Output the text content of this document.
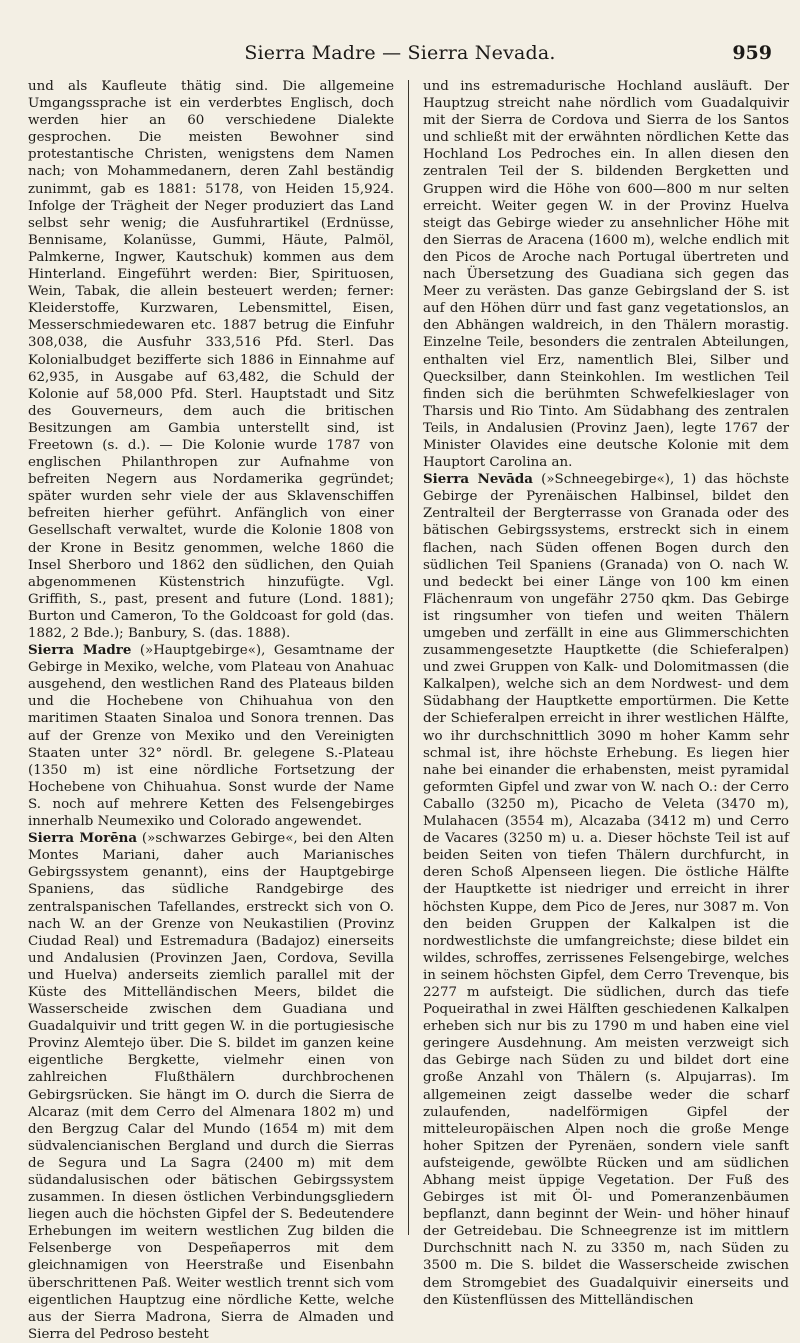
Sierra Madre — Sierra Nevada.	959

und als Kaufleute thätig sind. Die allgemeine Umgangssprache ist ein verderbtes Englisch, doch werden hier an 60 verschiedene Dialekte gesprochen. Die meisten Bewohner sind protestantische Christen, wenigstens dem Namen nach; von Mohammedanern, deren Zahl beständig zunimmt, gab es 1881: 5178, von Heiden 15,924. Infolge der Trägheit der Neger produziert das Land selbst sehr wenig; die Ausfuhrartikel (Erdnüsse, Bennisame, Kolanüsse, Gummi, Häute, Palmöl, Palmkerne, Ingwer, Kautschuk) kommen aus dem Hinterland. Eingeführt werden: Bier, Spirituosen, Wein, Tabak, die allein besteuert werden; ferner: Kleiderstoffe, Kurzwaren, Lebensmittel, Eisen, Messerschmiedewaren etc. 1887 betrug die Einfuhr 308,038, die Ausfuhr 333,516 Pfd. Sterl. Das Kolonialbudget bezifferte sich 1886 in Einnahme auf 62,935, in Ausgabe auf 63,482, die Schuld der Kolonie auf 58,000 Pfd. Sterl. Hauptstadt und Sitz des Gouverneurs, dem auch die britischen Besitzungen am Gambia unterstellt sind, ist Freetown (s. d.). — Die Kolonie wurde 1787 von englischen Philanthropen zur Aufnahme von befreiten Negern aus Nordamerika gegründet; später wurden sehr viele der aus Sklavenschiffen befreiten hierher geführt. Anfänglich von einer Gesellschaft verwaltet, wurde die Kolonie 1808 von der Krone in Besitz genommen, welche 1860 die Insel Sherboro und 1862 den südlichen, den Quiah abgenommenen Küstenstrich hinzufügte. Vgl. Griffith, S., past, present and future (Lond. 1881); Burton und Cameron, To the Goldcoast for gold (das. 1882, 2 Bde.); Banbury, S. (das. 1888).

Sierra Madre (»Hauptgebirge«), Gesamtname der Gebirge in Mexiko, welche, vom Plateau von Anahuac ausgehend, den westlichen Rand des Plateaus bilden und die Hochebene von Chihuahua von den maritimen Staaten Sinaloa und Sonora trennen. Das auf der Grenze von Mexiko und den Vereinigten Staaten unter 32° nördl. Br. gelegene S.-Plateau (1350 m) ist eine nördliche Fortsetzung der Hochebene von Chihuahua. Sonst wurde der Name S. noch auf mehrere Ketten des Felsengebirges innerhalb Neumexiko und Colorado angewendet.

Sierra Morēna (»schwarzes Gebirge«, bei den Alten Montes Mariani, daher auch Marianisches Gebirgssystem genannt), eins der Hauptgebirge Spaniens, das südliche Randgebirge des zentralspanischen Tafellandes, erstreckt sich von O. nach W. an der Grenze von Neukastilien (Provinz Ciudad Real) und Estremadura (Badajoz) einerseits und Andalusien (Provinzen Jaen, Cordova, Sevilla und Huelva) anderseits ziemlich parallel mit der Küste des Mittelländischen Meers, bildet die Wasserscheide zwischen dem Guadiana und Guadalquivir und tritt gegen W. in die portugiesische Provinz Alemtejo über. Die S. bildet im ganzen keine eigentliche Bergkette, vielmehr einen von zahlreichen Flußthälern durchbrochenen Gebirgsrücken. Sie hängt im O. durch die Sierra de Alcaraz (mit dem Cerro del Almenara 1802 m) und den Bergzug Calar del Mundo (1654 m) mit dem südvalencianischen Bergland und durch die Sierras de Segura und La Sagra (2400 m) mit dem südandalusischen oder bätischen Gebirgssystem zusammen. In diesen östlichen Verbindungsgliedern liegen auch die höchsten Gipfel der S. Bedeutendere Erhebungen im weitern westlichen Zug bilden die Felsenberge von Despeñaperros mit dem gleichnamigen von Heerstraße und Eisenbahn überschrittenen Paß. Weiter westlich trennt sich vom eigentlichen Hauptzug eine nördliche Kette, welche aus der Sierra Madrona, Sierra de Almaden und Sierra del Pedroso besteht

und ins estremadurische Hochland ausläuft. Der Hauptzug streicht nahe nördlich vom Guadalquivir mit der Sierra de Cordova und Sierra de los Santos und schließt mit der erwähnten nördlichen Kette das Hochland Los Pedroches ein. In allen diesen den zentralen Teil der S. bildenden Bergketten und Gruppen wird die Höhe von 600—800 m nur selten erreicht. Weiter gegen W. in der Provinz Huelva steigt das Gebirge wieder zu ansehnlicher Höhe mit den Sierras de Aracena (1600 m), welche endlich mit den Picos de Aroche nach Portugal übertreten und nach Übersetzung des Guadiana sich gegen das Meer zu verästen. Das ganze Gebirgsland der S. ist auf den Höhen dürr und fast ganz vegetationslos, an den Abhängen waldreich, in den Thälern morastig. Einzelne Teile, besonders die zentralen Abteilungen, enthalten viel Erz, namentlich Blei, Silber und Quecksilber, dann Steinkohlen. Im westlichen Teil finden sich die berühmten Schwefelkieslager von Tharsis und Rio Tinto. Am Südabhang des zentralen Teils, in Andalusien (Provinz Jaen), legte 1767 der Minister Olavides eine deutsche Kolonie mit dem Hauptort Carolina an.

Sierra Nevāda (»Schneegebirge«), 1) das höchste Gebirge der Pyrenäischen Halbinsel, bildet den Zentralteil der Bergterrasse von Granada oder des bätischen Gebirgssystems, erstreckt sich in einem flachen, nach Süden offenen Bogen durch den südlichen Teil Spaniens (Granada) von O. nach W. und bedeckt bei einer Länge von 100 km einen Flächenraum von ungefähr 2750 qkm. Das Gebirge ist ringsumher von tiefen und weiten Thälern umgeben und zerfällt in eine aus Glimmerschichten zusammengesetzte Hauptkette (die Schieferalpen) und zwei Gruppen von Kalk- und Dolomitmassen (die Kalkalpen), welche sich an dem Nordwest- und dem Südabhang der Hauptkette emportürmen. Die Kette der Schieferalpen erreicht in ihrer westlichen Hälfte, wo ihr durchschnittlich 3090 m hoher Kamm sehr schmal ist, ihre höchste Erhebung. Es liegen hier nahe bei einander die erhabensten, meist pyramidal geformten Gipfel und zwar von W. nach O.: der Cerro Caballo (3250 m), Picacho de Veleta (3470 m), Mulahacen (3554 m), Alcazaba (3412 m) und Cerro de Vacares (3250 m) u. a. Dieser höchste Teil ist auf beiden Seiten von tiefen Thälern durchfurcht, in deren Schoß Alpenseen liegen. Die östliche Hälfte der Hauptkette ist niedriger und erreicht in ihrer höchsten Kuppe, dem Pico de Jeres, nur 3087 m. Von den beiden Gruppen der Kalkalpen ist die nordwestlichste die umfangreichste; diese bildet ein wildes, schroffes, zerrissenes Felsengebirge, welches in seinem höchsten Gipfel, dem Cerro Trevenque, bis 2277 m aufsteigt. Die südlichen, durch das tiefe Poqueirathal in zwei Hälften geschiedenen Kalkalpen erheben sich nur bis zu 1790 m und haben eine viel geringere Ausdehnung. Am meisten verzweigt sich das Gebirge nach Süden zu und bildet dort eine große Anzahl von Thälern (s. Alpujarras). Im allgemeinen zeigt dasselbe weder die scharf zulaufenden, nadelförmigen Gipfel der mitteleuropäischen Alpen noch die große Menge hoher Spitzen der Pyrenäen, sondern viele sanft aufsteigende, gewölbte Rücken und am südlichen Abhang meist üppige Vegetation. Der Fuß des Gebirges ist mit Öl- und Pomeranzenbäumen bepflanzt, dann beginnt der Wein- und höher hinauf der Getreidebau. Die Schneegrenze ist im mittlern Durchschnitt nach N. zu 3350 m, nach Süden zu 3500 m. Die S. bildet die Wasserscheide zwischen dem Stromgebiet des Guadalquivir einerseits und den Küstenflüssen des Mittelländischen
